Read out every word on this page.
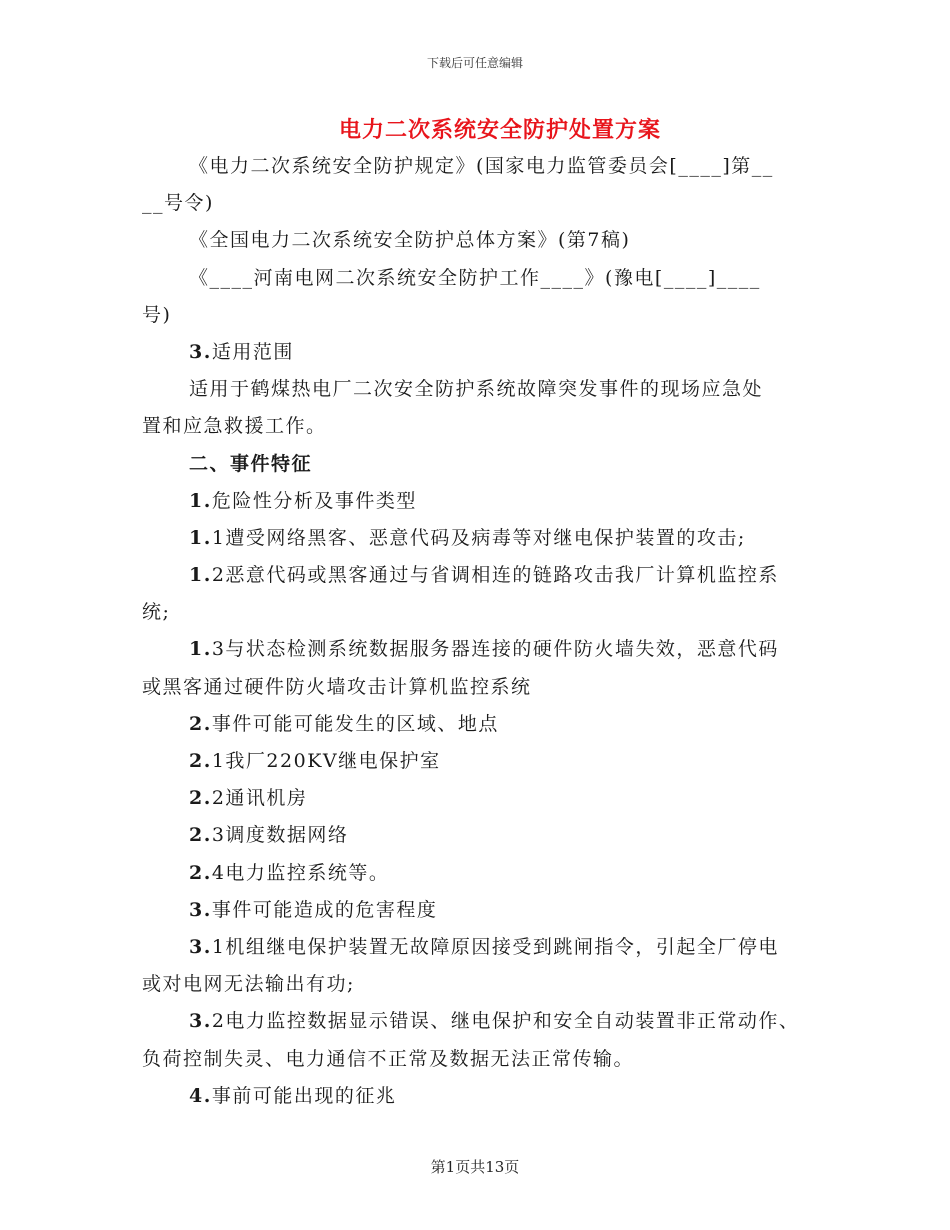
下载后可任意编辑
电力二次系统安全防护处置方案
《电力二次系统安全防护规定》(国家电力监管委员会[____]第__
__号令)
《全国电力二次系统安全防护总体方案》(第7稿)
《____河南电网二次系统安全防护工作____》(豫电[____]____
号)
3.适用范围
适用于鹤煤热电厂二次安全防护系统故障突发事件的现场应急处
置和应急救援工作。
二、事件特征
1.危险性分析及事件类型
1.1遭受网络黑客、恶意代码及病毒等对继电保护装置的攻击;
1.2恶意代码或黑客通过与省调相连的链路攻击我厂计算机监控系
统;
1.3与状态检测系统数据服务器连接的硬件防火墙失效，恶意代码
或黑客通过硬件防火墙攻击计算机监控系统
2.事件可能可能发生的区域、地点
2.1我厂220KV继电保护室
2.2通讯机房
2.3调度数据网络
2.4电力监控系统等。
3.事件可能造成的危害程度
3.1机组继电保护装置无故障原因接受到跳闸指令，引起全厂停电
或对电网无法输出有功;
3.2电力监控数据显示错误、继电保护和安全自动装置非正常动作、
负荷控制失灵、电力通信不正常及数据无法正常传输。
4.事前可能出现的征兆
第1页共13页
